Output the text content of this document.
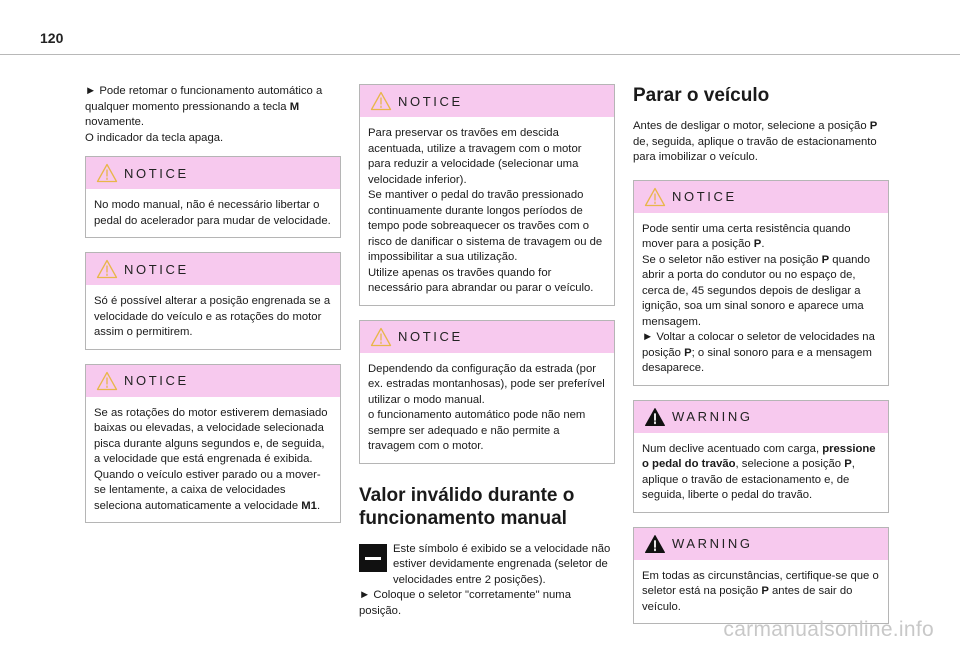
120

► Pode retomar o funcionamento automático a qualquer momento pressionando a tecla M novamente.

O indicador da tecla apaga.

NOTICE

No modo manual, não é necessário libertar o pedal do acelerador para mudar de velocidade.

NOTICE

Só é possível alterar a posição engrenada se a velocidade do veículo e as rotações do motor assim o permitirem.

NOTICE

Se as rotações do motor estiverem demasiado baixas ou elevadas, a velocidade selecionada pisca durante alguns segundos e, de seguida, a velocidade que está engrenada é exibida.

Quando o veículo estiver parado ou a mover-se lentamente, a caixa de velocidades seleciona automaticamente a velocidade M1.

NOTICE

Para preservar os travões em descida acentuada, utilize a travagem com o motor para reduzir a velocidade (selecionar uma velocidade inferior).

Se mantiver o pedal do travão pressionado continuamente durante longos períodos de tempo pode sobreaquecer os travões com o risco de danificar o sistema de travagem ou de impossibilitar a sua utilização.

Utilize apenas os travões quando for necessário para abrandar ou parar o veículo.

NOTICE

Dependendo da configuração da estrada (por ex. estradas montanhosas), pode ser preferível utilizar o modo manual.

o funcionamento automático pode não nem sempre ser adequado e não permite a travagem com o motor.

Valor inválido durante o funcionamento manual

Este símbolo é exibido se a velocidade não estiver devidamente engrenada (seletor de velocidades entre 2 posições).

► Coloque o seletor "corretamente" numa posição.

Parar o veículo

Antes de desligar o motor, selecione a posição P de, seguida, aplique o travão de estacionamento para imobilizar o veículo.

NOTICE

Pode sentir uma certa resistência quando mover para a posição P.

Se o seletor não estiver na posição P quando abrir a porta do condutor ou no espaço de, cerca de, 45 segundos depois de desligar a ignição, soa um sinal sonoro e aparece uma mensagem.

► Voltar a colocar o seletor de velocidades na posição P; o sinal sonoro para e a mensagem desaparece.

WARNING

Num declive acentuado com carga, pressione o pedal do travão, selecione a posição P, aplique o travão de estacionamento e, de seguida, liberte o pedal do travão.

WARNING

Em todas as circunstâncias, certifique-se que o seletor está na posição P antes de sair do veículo.

carmanualsonline.info
